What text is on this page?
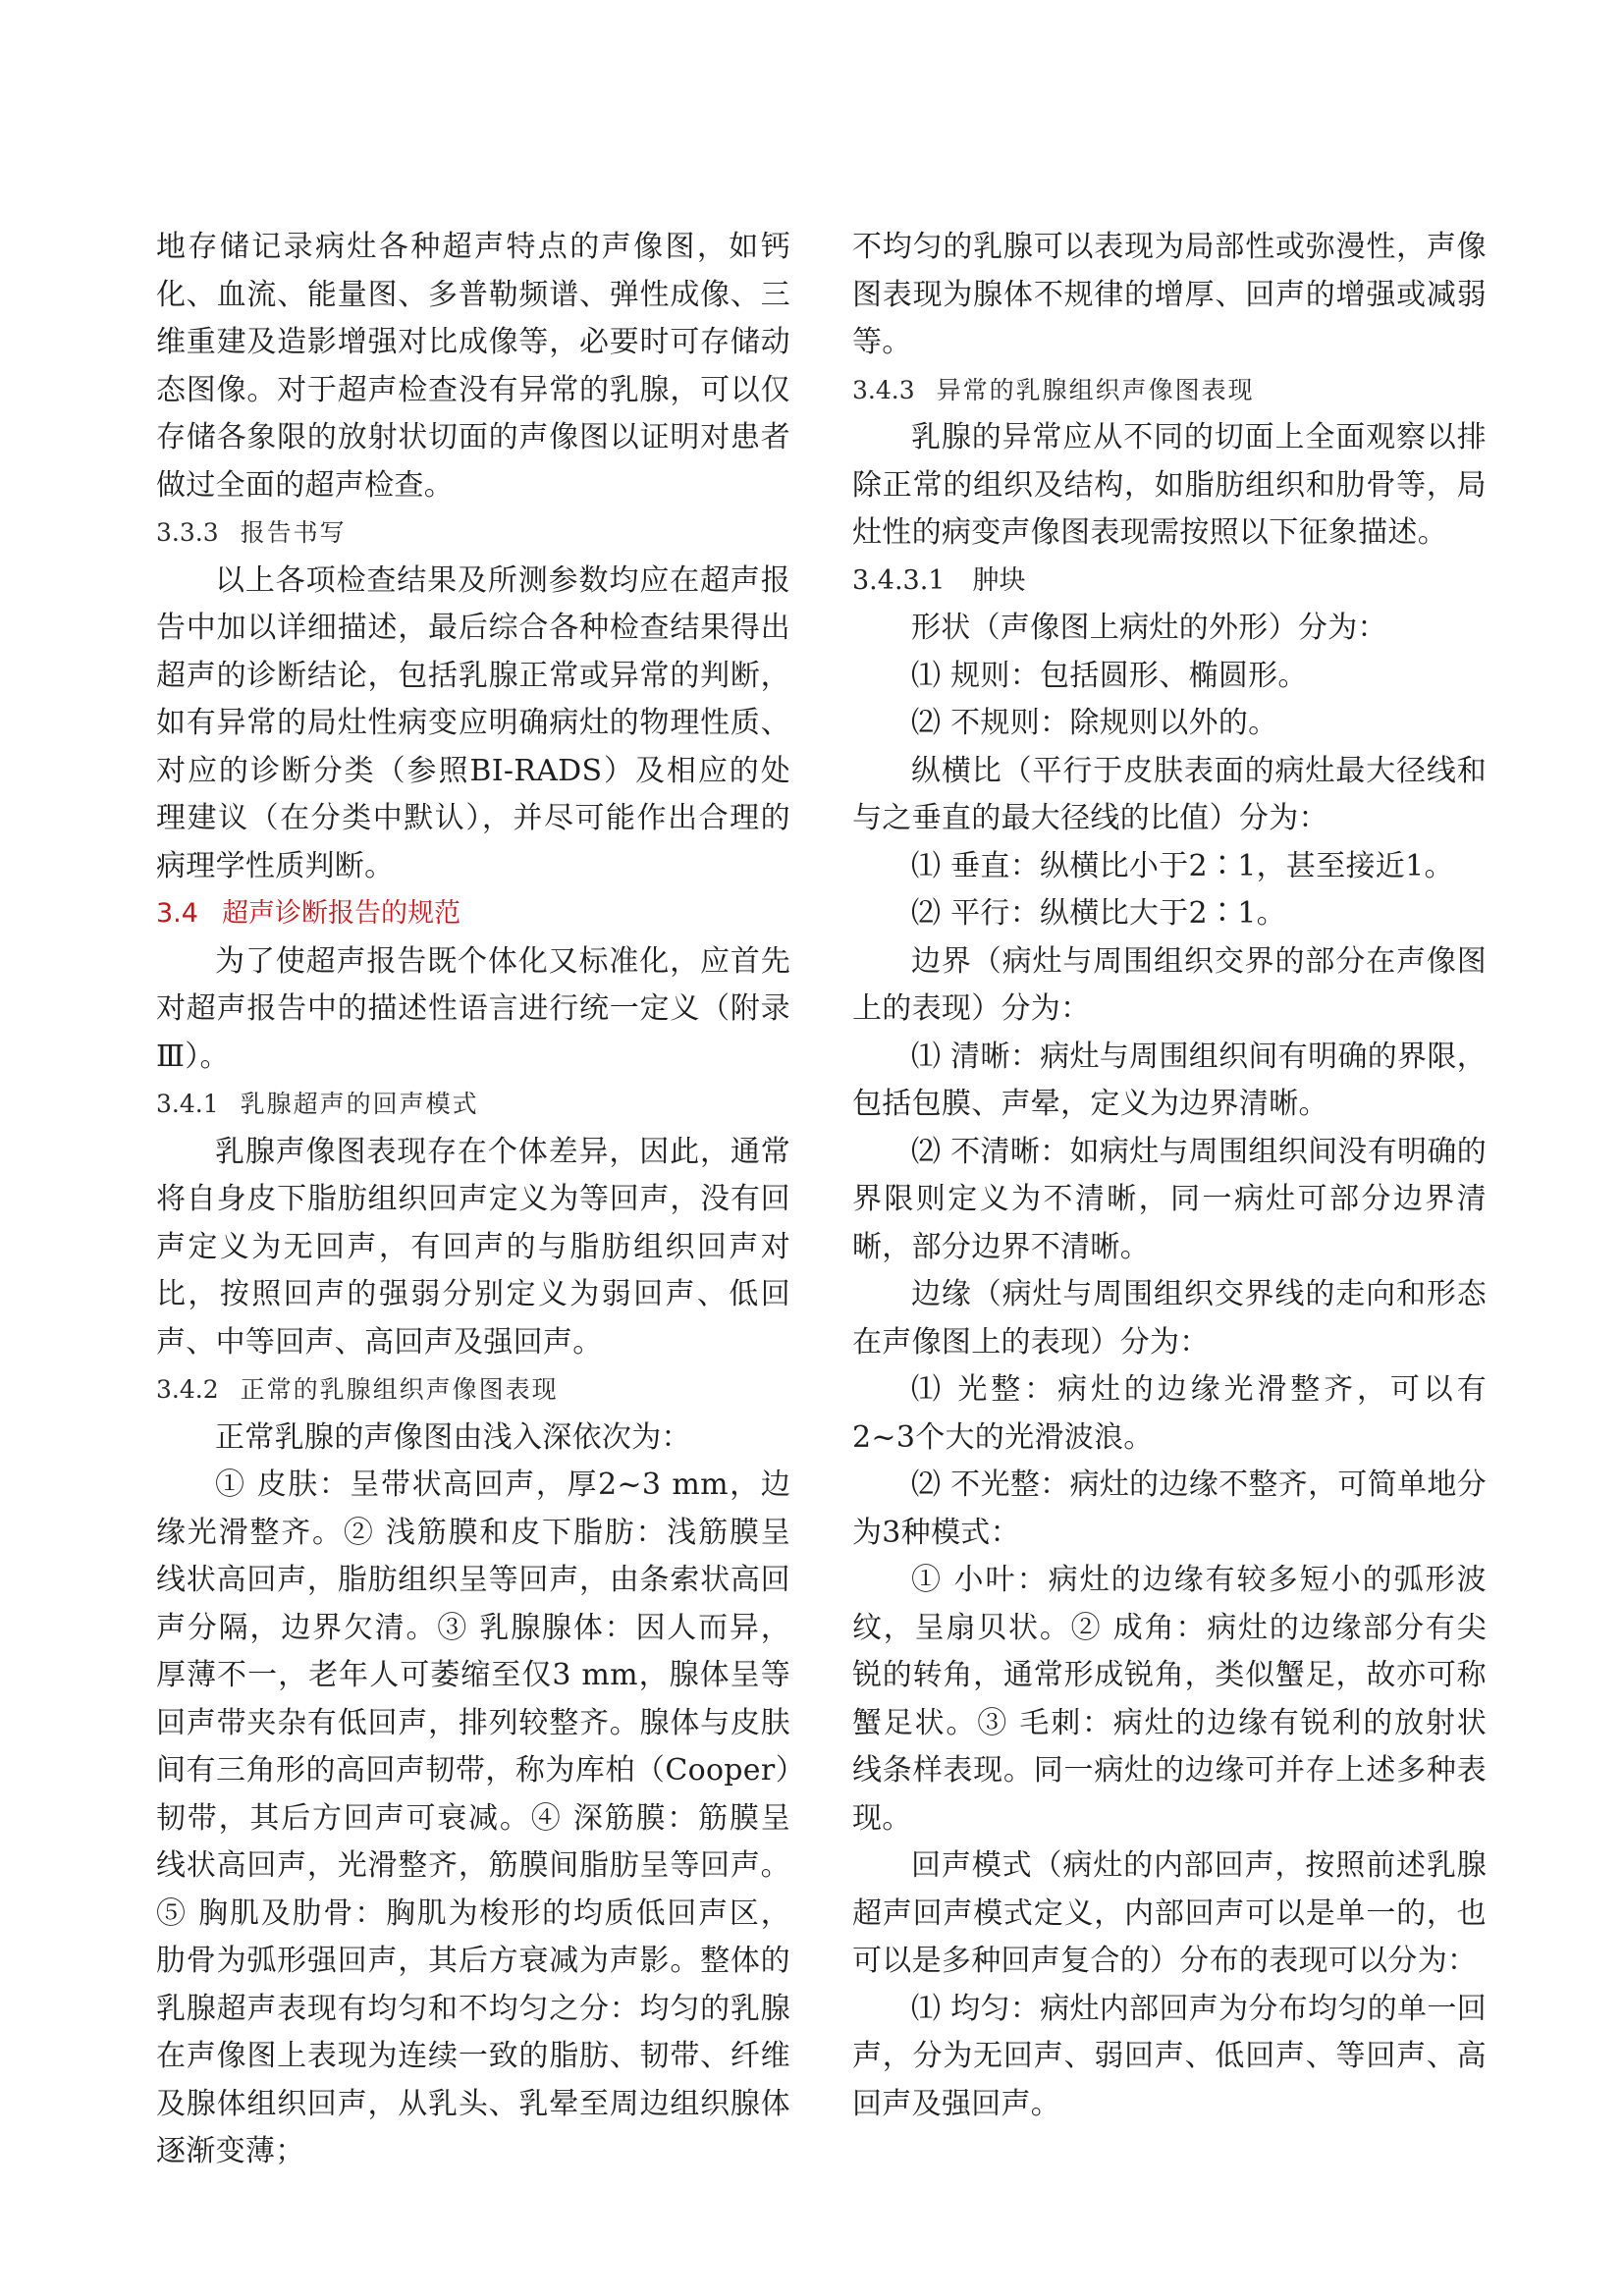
地存储记录病灶各种超声特点的声像图，如钙化、血流、能量图、多普勒频谱、弹性成像、三维重建及造影增强对比成像等，必要时可存储动态图像。对于超声检查没有异常的乳腺，可以仅存储各象限的放射状切面的声像图以证明对患者做过全面的超声检查。

3.3.3 报告书写

以上各项检查结果及所测参数均应在超声报告中加以详细描述，最后综合各种检查结果得出超声的诊断结论，包括乳腺正常或异常的判断，如有异常的局灶性病变应明确病灶的物理性质、对应的诊断分类（参照BI-RADS）及相应的处理建议（在分类中默认），并尽可能作出合理的病理学性质判断。

3.4 超声诊断报告的规范

为了使超声报告既个体化又标准化，应首先对超声报告中的描述性语言进行统一定义（附录Ⅲ）。

3.4.1 乳腺超声的回声模式

乳腺声像图表现存在个体差异，因此，通常将自身皮下脂肪组织回声定义为等回声，没有回声定义为无回声，有回声的与脂肪组织回声对比，按照回声的强弱分别定义为弱回声、低回声、中等回声、高回声及强回声。

3.4.2 正常的乳腺组织声像图表现

正常乳腺的声像图由浅入深依次为：

① 皮肤：呈带状高回声，厚2~3 mm，边缘光滑整齐。② 浅筋膜和皮下脂肪：浅筋膜呈线状高回声，脂肪组织呈等回声，由条索状高回声分隔，边界欠清。③ 乳腺腺体：因人而异，厚薄不一，老年人可萎缩至仅3 mm，腺体呈等回声带夹杂有低回声，排列较整齐。腺体与皮肤间有三角形的高回声韧带，称为库柏（Cooper）韧带，其后方回声可衰减。④ 深筋膜：筋膜呈线状高回声，光滑整齐，筋膜间脂肪呈等回声。⑤ 胸肌及肋骨：胸肌为梭形的均质低回声区，肋骨为弧形强回声，其后方衰减为声影。整体的乳腺超声表现有均匀和不均匀之分：均匀的乳腺在声像图上表现为连续一致的脂肪、韧带、纤维及腺体组织回声，从乳头、乳晕至周边组织腺体逐渐变薄；

不均匀的乳腺可以表现为局部性或弥漫性，声像图表现为腺体不规律的增厚、回声的增强或减弱等。

3.4.3 异常的乳腺组织声像图表现

乳腺的异常应从不同的切面上全面观察以排除正常的组织及结构，如脂肪组织和肋骨等，局灶性的病变声像图表现需按照以下征象描述。

3.4.3.1 肿块

形状（声像图上病灶的外形）分为：

⑴ 规则：包括圆形、椭圆形。

⑵ 不规则：除规则以外的。

纵横比（平行于皮肤表面的病灶最大径线和与之垂直的最大径线的比值）分为：

⑴ 垂直：纵横比小于2∶1，甚至接近1。

⑵ 平行：纵横比大于2∶1。

边界（病灶与周围组织交界的部分在声像图上的表现）分为：

⑴ 清晰：病灶与周围组织间有明确的界限，包括包膜、声晕，定义为边界清晰。

⑵ 不清晰：如病灶与周围组织间没有明确的界限则定义为不清晰，同一病灶可部分边界清晰，部分边界不清晰。

边缘（病灶与周围组织交界线的走向和形态在声像图上的表现）分为：

⑴ 光整：病灶的边缘光滑整齐，可以有2~3个大的光滑波浪。

⑵ 不光整：病灶的边缘不整齐，可简单地分为3种模式：

① 小叶：病灶的边缘有较多短小的弧形波纹，呈扇贝状。② 成角：病灶的边缘部分有尖锐的转角，通常形成锐角，类似蟹足，故亦可称蟹足状。③ 毛刺：病灶的边缘有锐利的放射状线条样表现。同一病灶的边缘可并存上述多种表现。

回声模式（病灶的内部回声，按照前述乳腺超声回声模式定义，内部回声可以是单一的，也可以是多种回声复合的）分布的表现可以分为：

⑴ 均匀：病灶内部回声为分布均匀的单一回声，分为无回声、弱回声、低回声、等回声、高回声及强回声。
